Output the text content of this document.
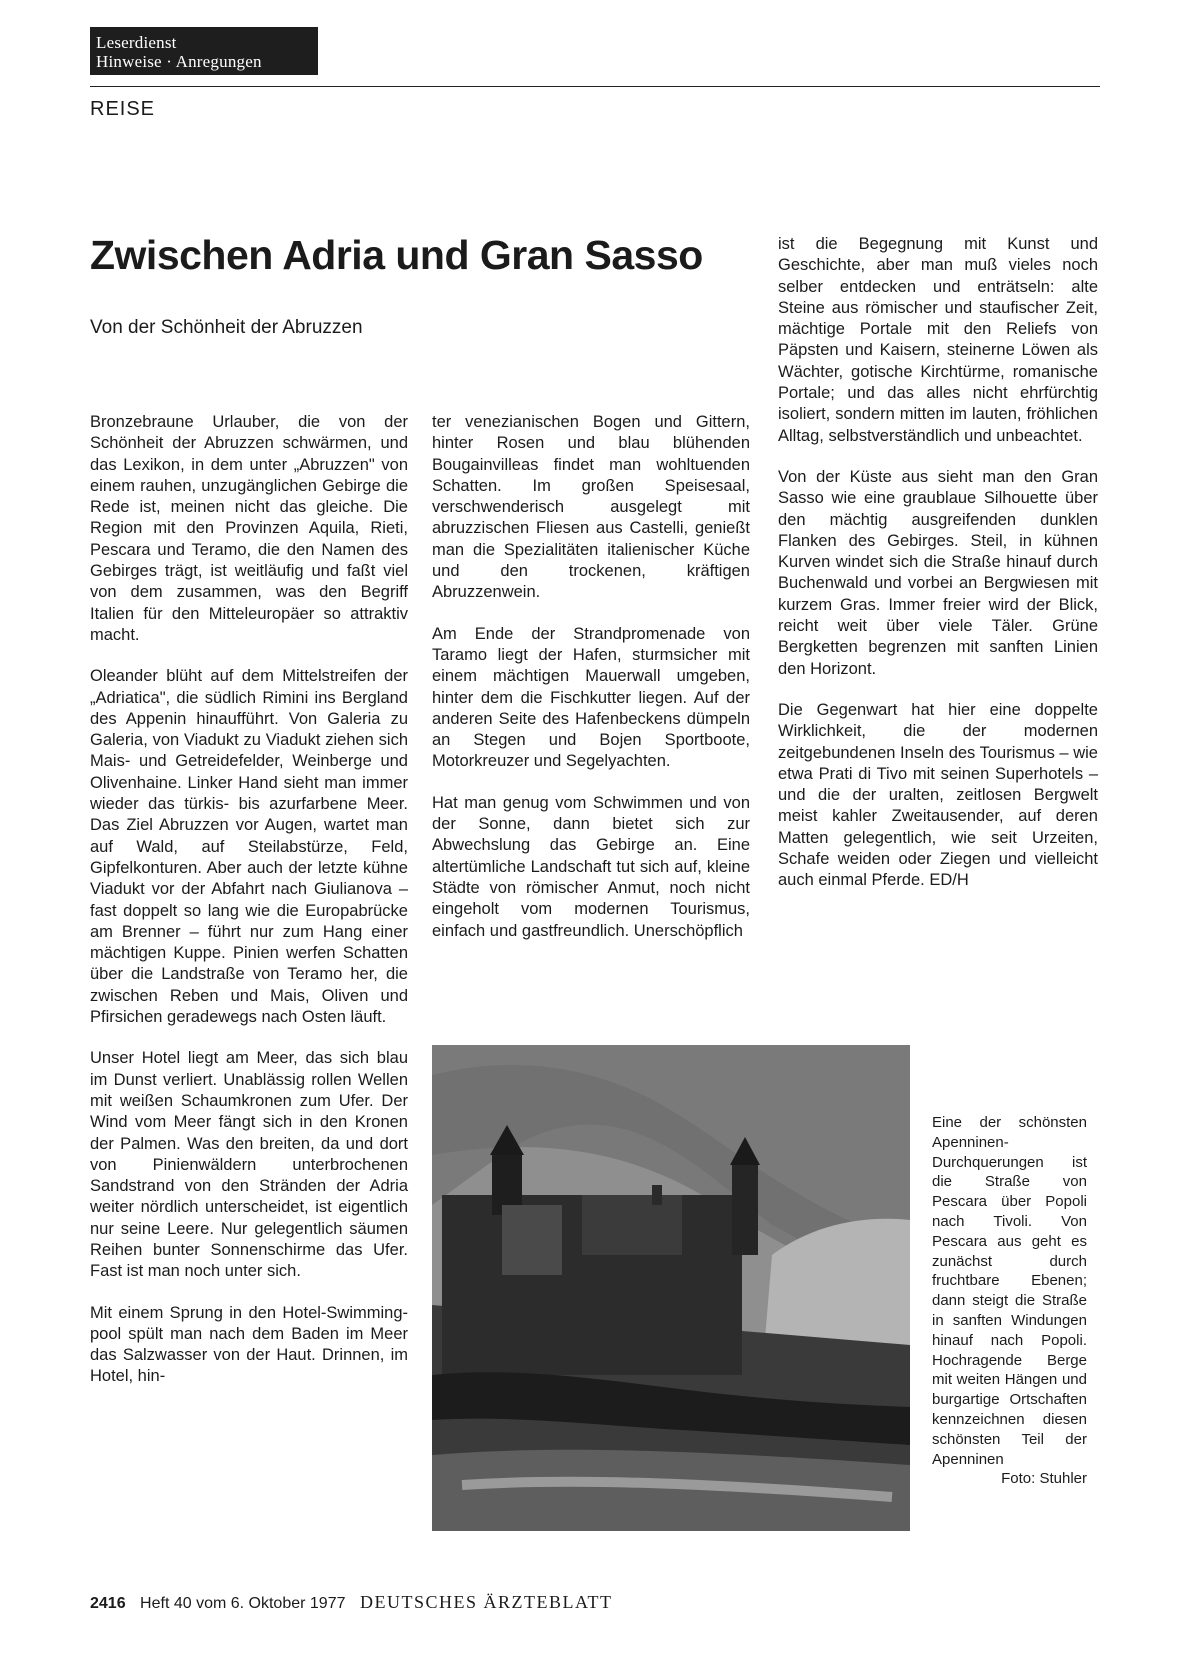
Leserdienst
Hinweise · Anregungen
REISE
Zwischen Adria und Gran Sasso
Von der Schönheit der Abruzzen

Bronzebraune Urlauber, die von der Schönheit der Abruzzen schwärmen, und das Lexikon, in dem unter „Abruzzen" von einem rauhen, unzugänglichen Gebirge die Rede ist, meinen nicht das gleiche. Die Region mit den Provinzen Aquila, Rieti, Pescara und Teramo, die den Namen des Gebirges trägt, ist weitläufig und faßt viel von dem zusammen, was den Begriff Italien für den Mitteleuropäer so attraktiv macht.

Oleander blüht auf dem Mittelstreifen der „Adriatica", die südlich Rimini ins Bergland des Appenin hinaufführt. Von Galeria zu Galeria, von Viadukt zu Viadukt ziehen sich Mais- und Getreidefelder, Weinberge und Olivenhaine. Linker Hand sieht man immer wieder das türkis- bis azurfarbene Meer. Das Ziel Abruzzen vor Augen, wartet man auf Wald, auf Steilabstürze, Feld, Gipfelkonturen. Aber auch der letzte kühne Viadukt vor der Abfahrt nach Giulianova – fast doppelt so lang wie die Europabrücke am Brenner – führt nur zum Hang einer mächtigen Kuppe. Pinien werfen Schatten über die Landstraße von Teramo her, die zwischen Reben und Mais, Oliven und Pfirsichen geradewegs nach Osten läuft.

Unser Hotel liegt am Meer, das sich blau im Dunst verliert. Unablässig rollen Wellen mit weißen Schaumkronen zum Ufer. Der Wind vom Meer fängt sich in den Kronen der Palmen. Was den breiten, da und dort von Pinienwäldern unterbrochenen Sandstrand von den Stränden der Adria weiter nördlich unterscheidet, ist eigentlich nur seine Leere. Nur gelegentlich säumen Reihen bunter Sonnenschirme das Ufer. Fast ist man noch unter sich.

Mit einem Sprung in den Hotel-Swimming-pool spült man nach dem Baden im Meer das Salzwasser von der Haut. Drinnen, im Hotel, hin-

ter venezianischen Bogen und Gittern, hinter Rosen und blau blühenden Bougainvilleas findet man wohltuenden Schatten. Im großen Speisesaal, verschwenderisch ausgelegt mit abruzzischen Fliesen aus Castelli, genießt man die Spezialitäten italienischer Küche und den trockenen, kräftigen Abruzzenwein.

Am Ende der Strandpromenade von Taramo liegt der Hafen, sturmsicher mit einem mächtigen Mauerwall umgeben, hinter dem die Fischkutter liegen. Auf der anderen Seite des Hafenbeckens dümpeln an Stegen und Bojen Sportboote, Motorkreuzer und Segelyachten.

Hat man genug vom Schwimmen und von der Sonne, dann bietet sich zur Abwechslung das Gebirge an. Eine altertümliche Landschaft tut sich auf, kleine Städte von römischer Anmut, noch nicht eingeholt vom modernen Tourismus, einfach und gastfreundlich. Unerschöpflich

ist die Begegnung mit Kunst und Geschichte, aber man muß vieles noch selber entdecken und enträtseln: alte Steine aus römischer und staufischer Zeit, mächtige Portale mit den Reliefs von Päpsten und Kaisern, steinerne Löwen als Wächter, gotische Kirchtürme, romanische Portale; und das alles nicht ehrfürchtig isoliert, sondern mitten im lauten, fröhlichen Alltag, selbstverständlich und unbeachtet.

Von der Küste aus sieht man den Gran Sasso wie eine graublaue Silhouette über den mächtig ausgreifenden dunklen Flanken des Gebirges. Steil, in kühnen Kurven windet sich die Straße hinauf durch Buchenwald und vorbei an Bergwiesen mit kurzem Gras. Immer freier wird der Blick, reicht weit über viele Täler. Grüne Bergketten begrenzen mit sanften Linien den Horizont.

Die Gegenwart hat hier eine doppelte Wirklichkeit, die der modernen zeitgebundenen Inseln des Tourismus – wie etwa Prati di Tivo mit seinen Superhotels – und die der uralten, zeitlosen Bergwelt meist kahler Zweitausender, auf deren Matten gelegentlich, wie seit Urzeiten, Schafe weiden oder Ziegen und vielleicht auch einmal Pferde. ED/H

Eine der schönsten Apenninen-Durchquerungen ist die Straße von Pescara über Popoli nach Tivoli. Von Pescara aus geht es zunächst durch fruchtbare Ebenen; dann steigt die Straße in sanften Windungen hinauf nach Popoli. Hochragende Berge mit weiten Hängen und burgartige Ortschaften kennzeichnen diesen schönsten Teil der Apenninen
Foto: Stuhler
2416 Heft 40 vom 6. Oktober 1977 DEUTSCHES ÄRZTEBLATT
